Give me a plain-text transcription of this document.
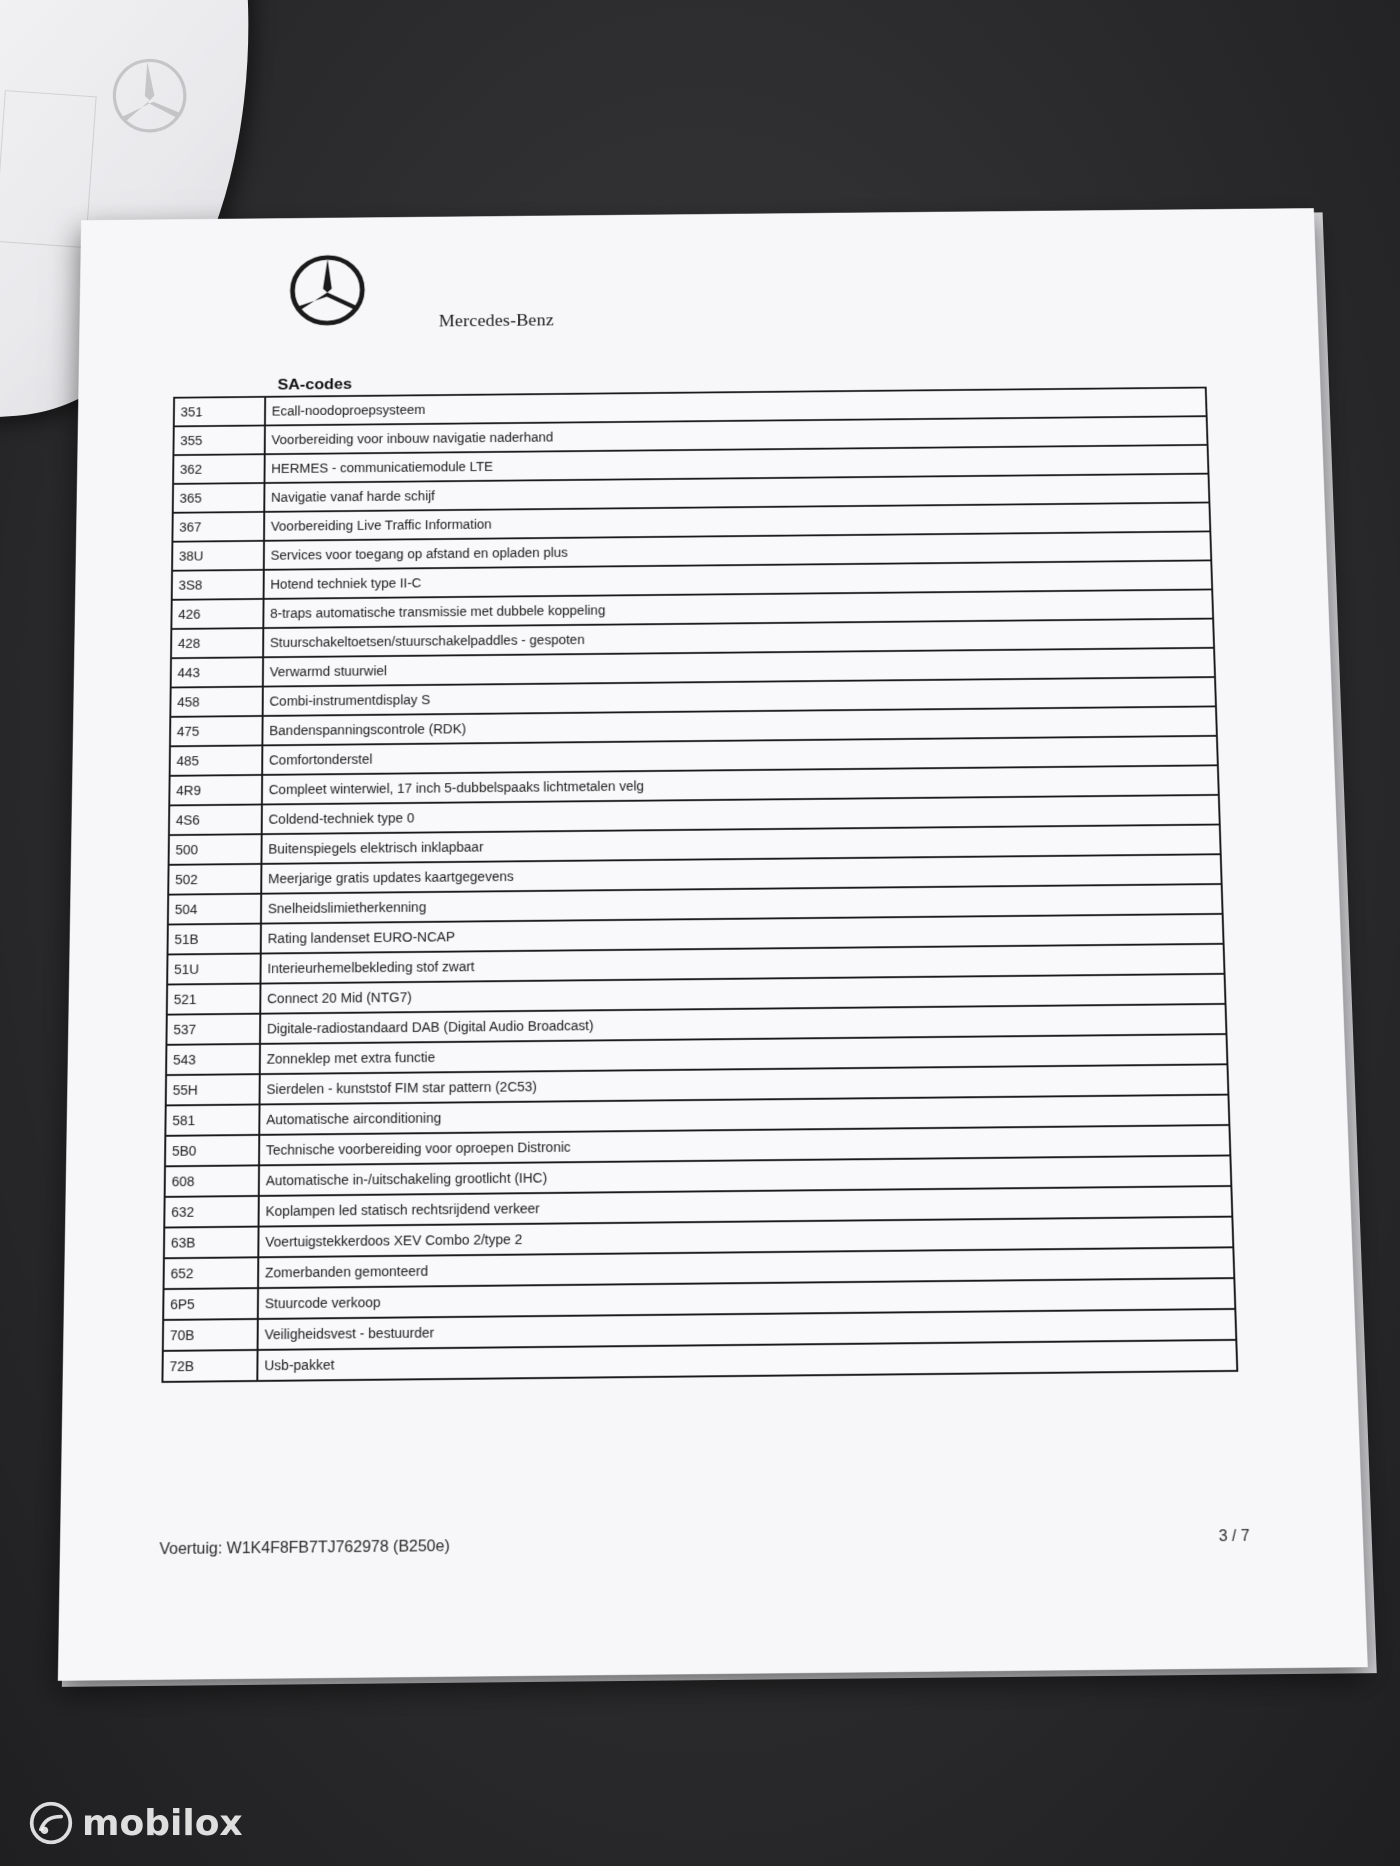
Mercedes-Benz
SA-codes
351	Ecall-noodoproepsysteem
355	Voorbereiding voor inbouw navigatie naderhand
362	HERMES - communicatiemodule LTE
365	Navigatie vanaf harde schijf
367	Voorbereiding Live Traffic Information
38U	Services voor toegang op afstand en opladen plus
3S8	Hotend techniek type II-C
426	8-traps automatische transmissie met dubbele koppeling
428	Stuurschakeltoetsen/stuurschakelpaddles - gespoten
443	Verwarmd stuurwiel
458	Combi-instrumentdisplay S
475	Bandenspanningscontrole (RDK)
485	Comfortonderstel
4R9	Compleet winterwiel, 17 inch 5-dubbelspaaks lichtmetalen velg
4S6	Coldend-techniek type 0
500	Buitenspiegels elektrisch inklapbaar
502	Meerjarige gratis updates kaartgegevens
504	Snelheidslimietherkenning
51B	Rating landenset EURO-NCAP
51U	Interieurhemelbekleding stof zwart
521	Connect 20 Mid (NTG7)
537	Digitale-radiostandaard DAB (Digital Audio Broadcast)
543	Zonneklep met extra functie
55H	Sierdelen - kunststof FIM star pattern (2C53)
581	Automatische airconditioning
5B0	Technische voorbereiding voor oproepen Distronic
608	Automatische in-/uitschakeling grootlicht (IHC)
632	Koplampen led statisch rechtsrijdend verkeer
63B	Voertuigstekkerdoos XEV Combo 2/type 2
652	Zomerbanden gemonteerd
6P5	Stuurcode verkoop
70B	Veiligheidsvest - bestuurder
72B	Usb-pakket
Voertuig: W1K4F8FB7TJ762978 (B250e)
3 / 7
mobilox
